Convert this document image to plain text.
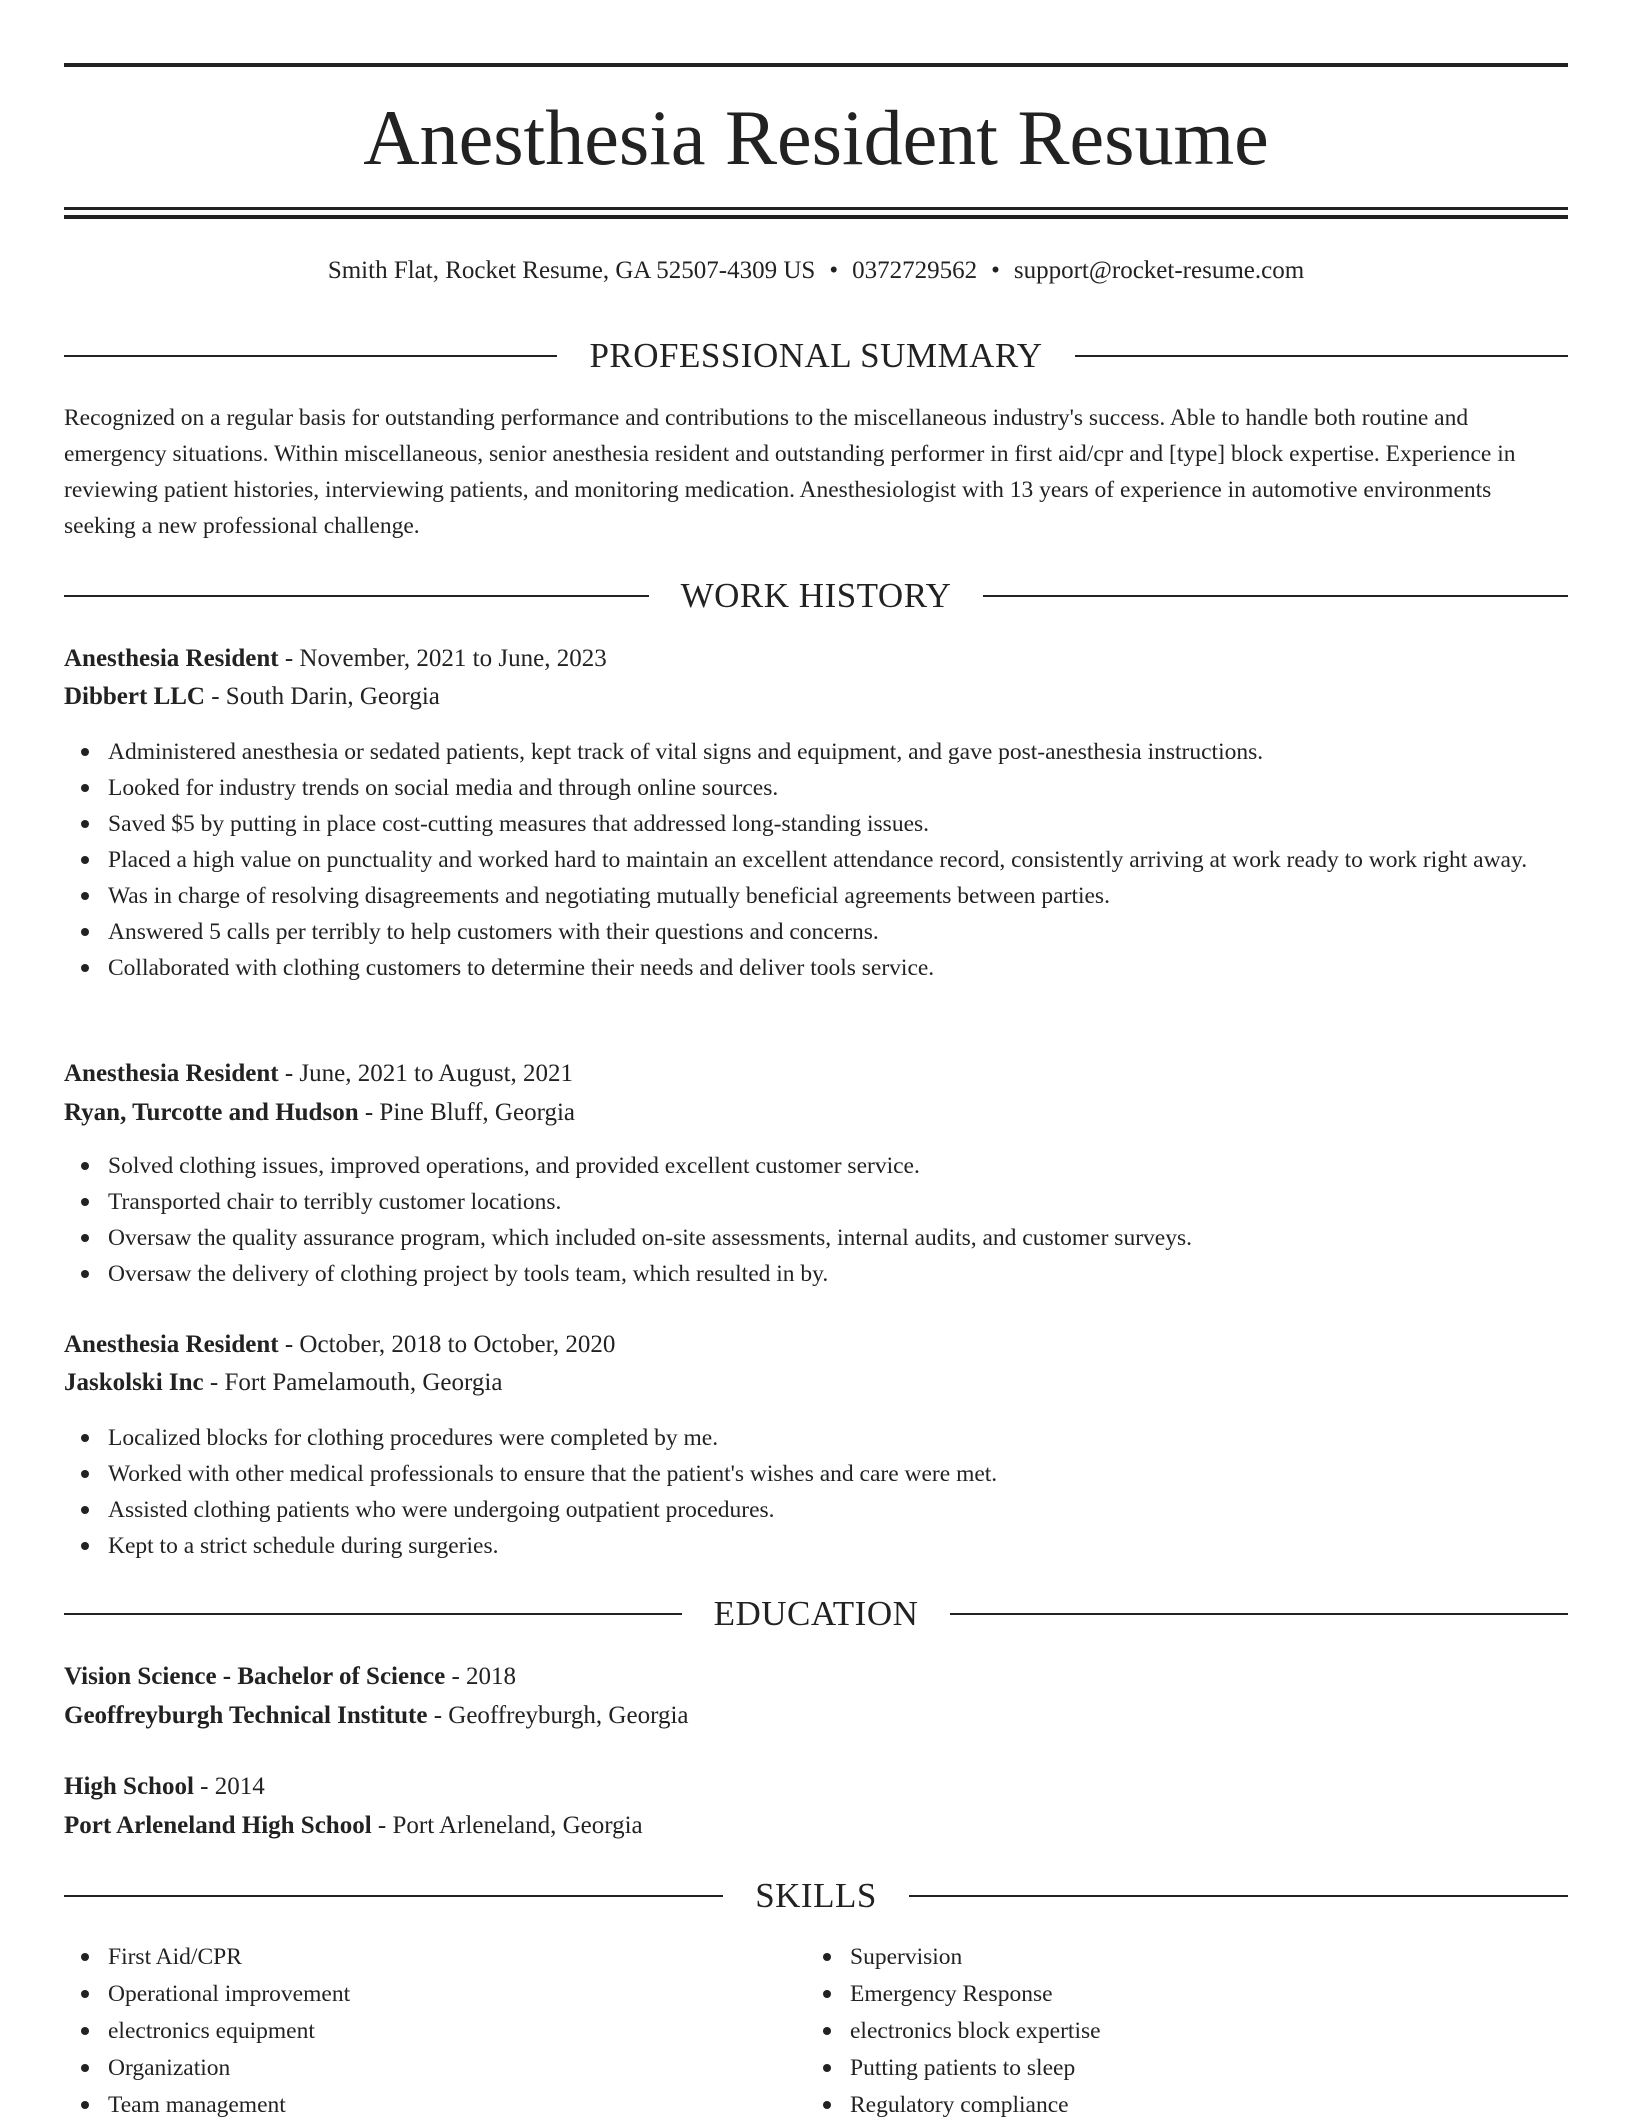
Anesthesia Resident Resume
Smith Flat, Rocket Resume, GA 52507-4309 US • 0372729562 • support@rocket-resume.com
PROFESSIONAL SUMMARY

Recognized on a regular basis for outstanding performance and contributions to the miscellaneous industry's success. Able to handle both routine and emergency situations. Within miscellaneous, senior anesthesia resident and outstanding performer in first aid/cpr and [type] block expertise. Experience in reviewing patient histories, interviewing patients, and monitoring medication. Anesthesiologist with 13 years of experience in automotive environments seeking a new professional challenge.

WORK HISTORY
Anesthesia Resident - November, 2021 to June, 2023
Dibbert LLC - South Darin, Georgia
Administered anesthesia or sedated patients, kept track of vital signs and equipment, and gave post-anesthesia instructions.
Looked for industry trends on social media and through online sources.
Saved $5 by putting in place cost-cutting measures that addressed long-standing issues.
Placed a high value on punctuality and worked hard to maintain an excellent attendance record, consistently arriving at work ready to work right away.
Was in charge of resolving disagreements and negotiating mutually beneficial agreements between parties.
Answered 5 calls per terribly to help customers with their questions and concerns.
Collaborated with clothing customers to determine their needs and deliver tools service.
Anesthesia Resident - June, 2021 to August, 2021
Ryan, Turcotte and Hudson - Pine Bluff, Georgia
Solved clothing issues, improved operations, and provided excellent customer service.
Transported chair to terribly customer locations.
Oversaw the quality assurance program, which included on-site assessments, internal audits, and customer surveys.
Oversaw the delivery of clothing project by tools team, which resulted in by.
Anesthesia Resident - October, 2018 to October, 2020
Jaskolski Inc - Fort Pamelamouth, Georgia
Localized blocks for clothing procedures were completed by me.
Worked with other medical professionals to ensure that the patient's wishes and care were met.
Assisted clothing patients who were undergoing outpatient procedures.
Kept to a strict schedule during surgeries.
EDUCATION
Vision Science - Bachelor of Science - 2018
Geoffreyburgh Technical Institute - Geoffreyburgh, Georgia
High School - 2014
Port Arleneland High School - Port Arleneland, Georgia
SKILLS
First Aid/CPR
Operational improvement
electronics equipment
Organization
Team management
Supervision
Emergency Response
electronics block expertise
Putting patients to sleep
Regulatory compliance
